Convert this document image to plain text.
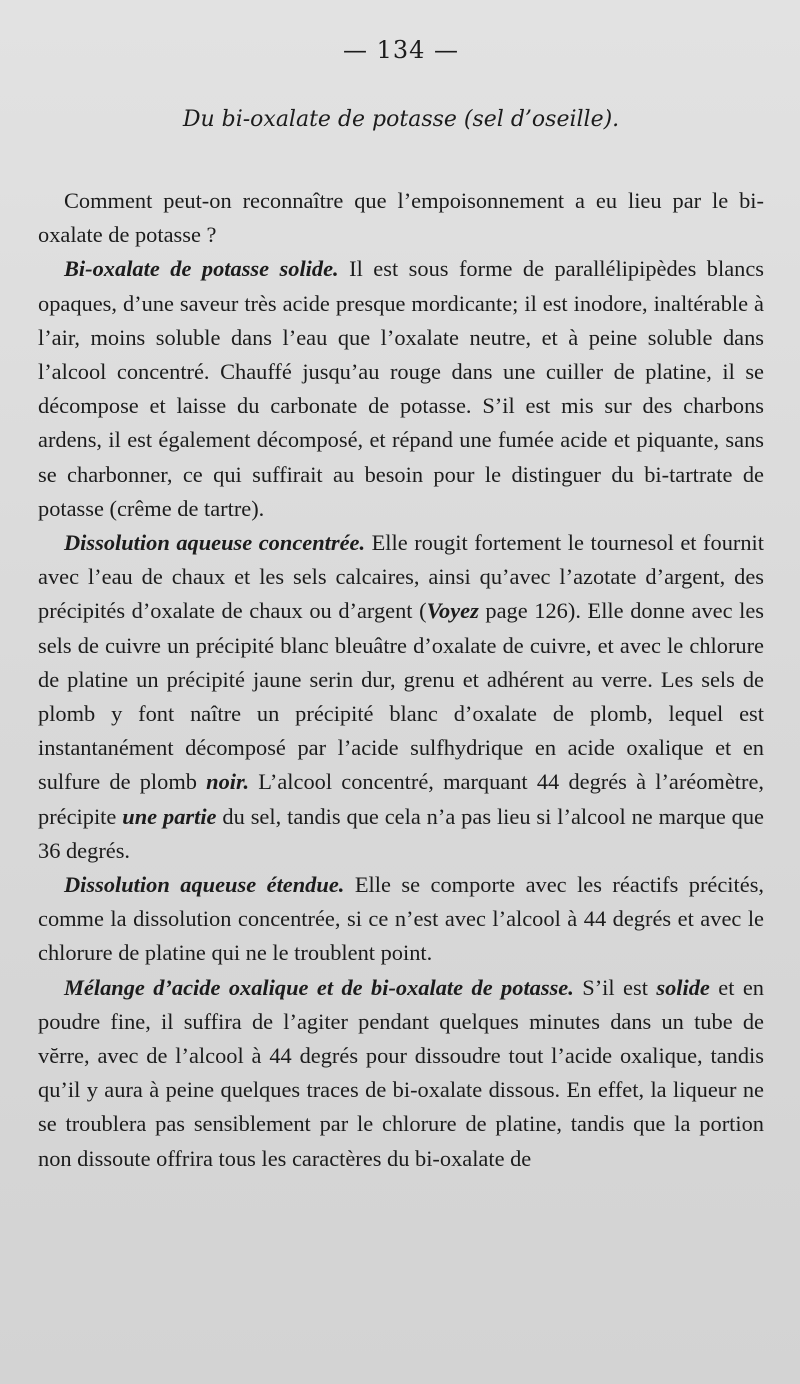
— 134 —
Du bi-oxalate de potasse (sel d’oseille).

Comment peut-on reconnaître que l’empoisonnement a eu lieu par le bi-oxalate de potasse ?

Bi-oxalate de potasse solide. Il est sous forme de parallélipipèdes blancs opaques, d’une saveur très acide presque mordicante; il est inodore, inaltérable à l’air, moins soluble dans l’eau que l’oxalate neutre, et à peine soluble dans l’alcool concentré. Chauffé jusqu’au rouge dans une cuiller de platine, il se décompose et laisse du carbonate de potasse. S’il est mis sur des charbons ardens, il est également décomposé, et répand une fumée acide et piquante, sans se charbonner, ce qui suffirait au besoin pour le distinguer du bi-tartrate de potasse (crême de tartre).

Dissolution aqueuse concentrée. Elle rougit fortement le tournesol et fournit avec l’eau de chaux et les sels calcaires, ainsi qu’avec l’azotate d’argent, des précipités d’oxalate de chaux ou d’argent (Voyez page 126). Elle donne avec les sels de cuivre un précipité blanc bleuâtre d’oxalate de cuivre, et avec le chlorure de platine un précipité jaune serin dur, grenu et adhérent au verre. Les sels de plomb y font naître un précipité blanc d’oxalate de plomb, lequel est instantanément décomposé par l’acide sulfhydrique en acide oxalique et en sulfure de plomb noir. L’alcool concentré, marquant 44 degrés à l’aréomètre, précipite une partie du sel, tandis que cela n’a pas lieu si l’alcool ne marque que 36 degrés.

Dissolution aqueuse étendue. Elle se comporte avec les réactifs précités, comme la dissolution concentrée, si ce n’est avec l’alcool à 44 degrés et avec le chlorure de platine qui ne le troublent point.

Mélange d’acide oxalique et de bi-oxalate de potasse. S’il est solide et en poudre fine, il suffira de l’agiter pendant quelques minutes dans un tube de vĕrre, avec de l’alcool à 44 degrés pour dissoudre tout l’acide oxalique, tandis qu’il y aura à peine quelques traces de bi-oxalate dissous. En effet, la liqueur ne se troublera pas sensiblement par le chlorure de platine, tandis que la portion non dissoute offrira tous les caractères du bi-oxalate de
